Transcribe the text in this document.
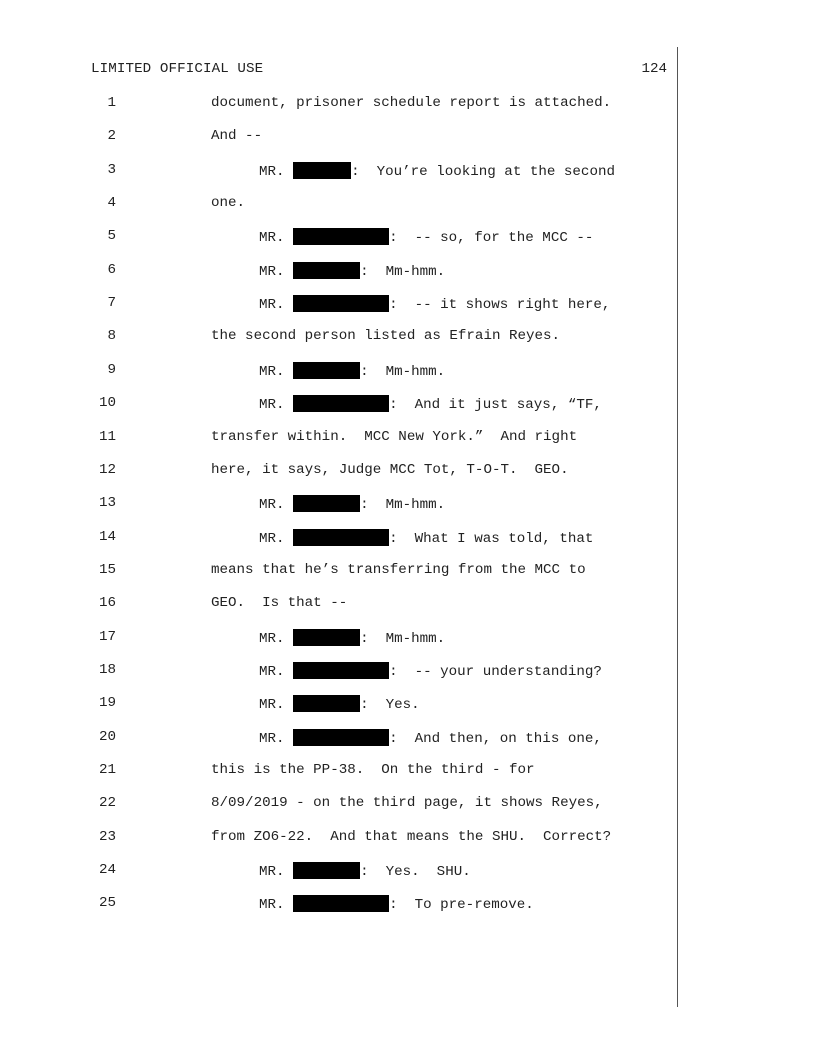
LIMITED OFFICIAL USE	124
1	document, prisoner schedule report is attached.
2	And --
3	MR.	:  You’re looking at the second
4	one.
5	MR.	:  -- so, for the MCC --
6	MR.	:  Mm-hmm.
7	MR.	:  -- it shows right here,
8	the second person listed as Efrain Reyes.
9	MR.	:  Mm-hmm.
10	MR.	:  And it just says, “TF,
11	transfer within.  MCC New York.”  And right
12	here, it says, Judge MCC Tot, T-O-T.  GEO.
13	MR.	:  Mm-hmm.
14	MR.	:  What I was told, that
15	means that he’s transferring from the MCC to
16	GEO.  Is that --
17	MR.	:  Mm-hmm.
18	MR.	:  -- your understanding?
19	MR.	:  Yes.
20	MR.	:  And then, on this one,
21	this is the PP-38.  On the third - for
22	8/09/2019 - on the third page, it shows Reyes,
23	from ZO6-22.  And that means the SHU.  Correct?
24	MR.	:  Yes.  SHU.
25	MR.	:  To pre-remove.
